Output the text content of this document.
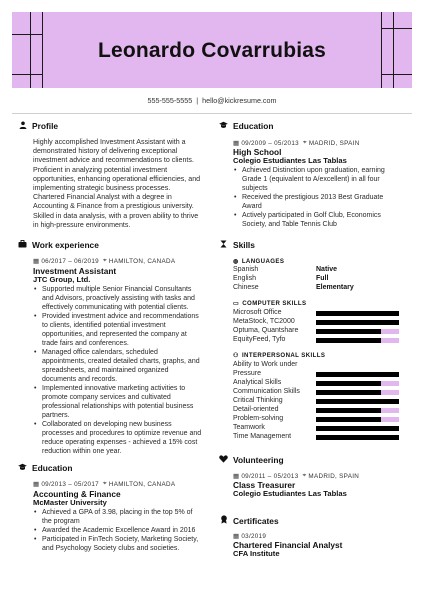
Leonardo Covarrubias
555-555-5555 | hello@kickresume.com
Profile
Highly accomplished Investment Assistant with a
demonstrated history of delivering exceptional
investment advice and recommendations to clients.
Proficient in analyzing potential investment
opportunities, enhancing operational efficiencies, and
implementing strategic business processes.
Chartered Financial Analyst with a degree in
Accounting & Finance from a prestigious university.
Skilled in data analysis, with a proven ability to thrive
in high-pressure environments.
Work experience
▦ 06/2017 – 06/2019 ⌖ HAMILTON, CANADA
Investment Assistant
JTC Group, Ltd.
• Supported multiple Senior Financial Consultants
and Advisors, proactively assisting with tasks and
effectively communicating with potential clients.
• Provided investment advice and recommendations
to clients, identified potential investment
opportunities, and represented the company at
trade fairs and conferences.
• Managed office calendars, scheduled
appointments, created detailed charts, graphs, and
spreadsheets, and maintained organized
documents and records.
• Implemented innovative marketing activities to
promote company services and cultivated
professional relationships with potential business
partners.
• Collaborated on developing new business
processes and procedures to optimize revenue and
reduce operating expenses - achieved a 15% cost
reduction within one year.
Education
▦ 09/2013 – 05/2017 ⌖ HAMILTON, CANADA
Accounting & Finance
McMaster University
• Achieved a GPA of 3.98, placing in the top 5% of
the program
• Awarded the Academic Excellence Award in 2016
• Participated in FinTech Society, Marketing Society,
and Psychology Society clubs and societies.
Education
▦ 09/2009 – 05/2013 ⌖ MADRID, SPAIN
High School
Colegio Estudiantes Las Tablas
• Achieved Distinction upon graduation, earning
Grade 1 (equivalent to A/excellent) in all four
subjects
• Received the prestigious 2013 Best Graduate
Award
• Actively participated in Golf Club, Economics
Society, and Table Tennis Club
Skills
◍ LANGUAGES
Spanish	Native
English	Full
Chinese	Elementary
▭ COMPUTER SKILLS
Microsoft Office
MetaStock, TC2000
Optuma, Quantshare
EquityFeed, Tyfo
⚇ INTERPERSONAL SKILLS
Ability to Work under
Pressure
Analytical Skills
Communication Skills
Critical Thinking
Detail-oriented
Problem-solving
Teamwork
Time Management
Volunteering
▦ 09/2011 – 05/2013 ⌖ MADRID, SPAIN
Class Treasurer
Colegio Estudiantes Las Tablas
Certificates
▦ 03/2019
Chartered Financial Analyst
CFA Institute
